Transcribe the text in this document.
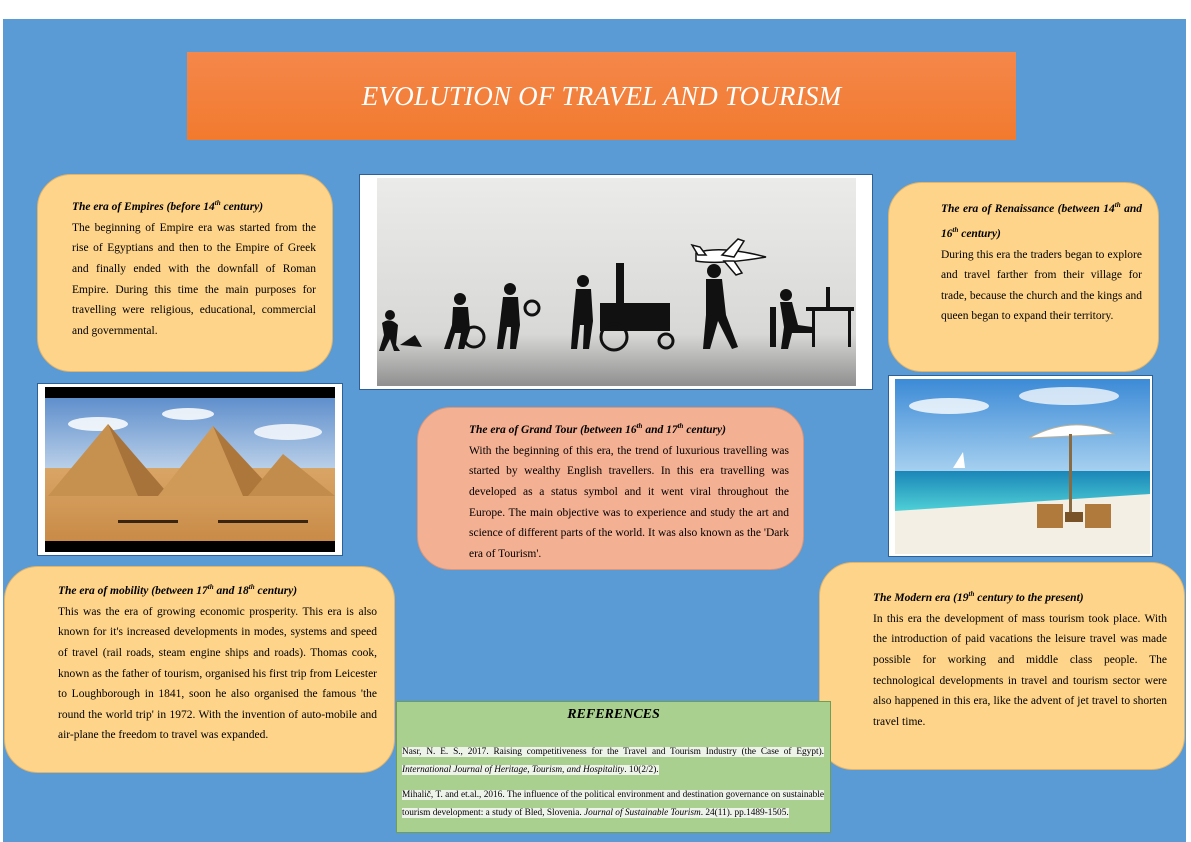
EVOLUTION OF TRAVEL AND TOURISM
The era of Empires (before 14th century)
The beginning of Empire era was started from the rise of Egyptians and then to the Empire of Greek and finally ended with the downfall of Roman Empire. During this time the main purposes for travelling were religious, educational, commercial and governmental.
The era of Renaissance (between 14th and 16th century)
During this era the traders began to explore and travel farther from their village for trade, because the church and the kings and queen began to expand their territory.
The era of Grand Tour (between 16th and 17th century)
With the beginning of this era, the trend of luxurious travelling was started by wealthy English travellers. In this era travelling was developed as a status symbol and it went viral throughout the Europe. The main objective was to experience and study the art and science of different parts of the world. It was also known as the 'Dark era of Tourism'.
The era of mobility (between 17th and 18th century)
This was the era of growing economic prosperity. This era is also known for it's increased developments in modes, systems and speed of travel (rail roads, steam engine ships and roads). Thomas cook, known as the father of tourism, organised his first trip from Leicester to Loughborough in 1841, soon he also organised the famous 'the round the world trip' in 1972. With the invention of auto-mobile and air-plane the freedom to travel was expanded.
The Modern era (19th century to the present)
In this era the development of mass tourism took place. With the introduction of paid vacations the leisure travel was made possible for working and middle class people. The technological developments in travel and tourism sector were also happened in this era, like the advent of jet travel to shorten travel time.
REFERENCES
Nasr, N. E. S., 2017. Raising competitiveness for the Travel and Tourism Industry (the Case of Egypt). International Journal of Heritage, Tourism, and Hospitality. 10(2/2).
Mihalič, T. and et.al., 2016. The influence of the political environment and destination governance on sustainable tourism development: a study of Bled, Slovenia. Journal of Sustainable Tourism. 24(11). pp.1489-1505.
